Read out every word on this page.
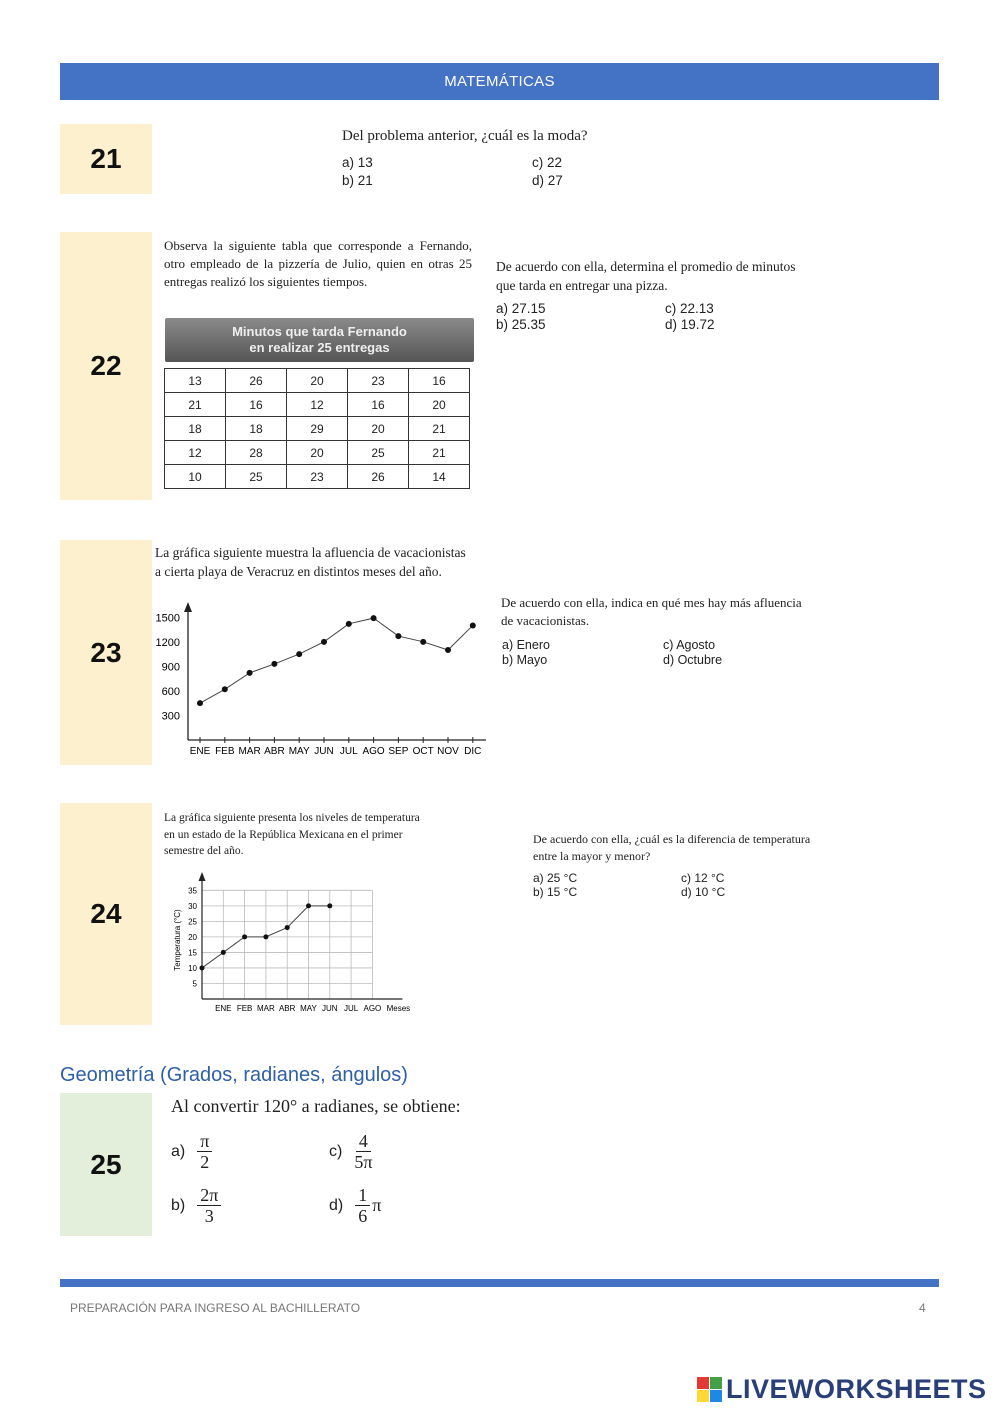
MATEMÁTICAS
21
Del problema anterior, ¿cuál es la moda?
a) 13	c) 22
b) 21	d) 27
22
Observa la siguiente tabla que corresponde a Fernando, otro empleado de la pizzería de Julio, quien en otras 25 entregas realizó los siguientes tiempos.
Minutos que tarda Fernando
en realizar 25 entregas
13	26	20	23	16
21	16	12	16	20
18	18	29	20	21
12	28	20	25	21
10	25	23	26	14
De acuerdo con ella, determina el promedio de minutos que tarda en entregar una pizza.
a) 27.15	c) 22.13
b) 25.35	d) 19.72
23
La gráfica siguiente muestra la afluencia de vacacionistas a cierta playa de Veracruz en distintos meses del año.
1500
1200
900
600
300
ENE FEB MAR ABR MAY JUN JUL AGO SEP OCT NOV DIC
De acuerdo con ella, indica en qué mes hay más afluencia de vacacionistas.
a) Enero	c) Agosto
b) Mayo	d) Octubre
24
La gráfica siguiente presenta los niveles de temperatura en un estado de la República Mexicana en el primer semestre del año.
35
30
25
20
15
10
5
ENE FEB MAR ABR MAY JUN JUL AGO Meses
Temperatura (°C)
De acuerdo con ella, ¿cuál es la diferencia de temperatura entre la mayor y menor?
a) 25 °C	c) 12 °C
b) 15 °C	d) 10 °C
Geometría (Grados, radianes, ángulos)
25
Al convertir 120° a radianes, se obtiene:
$a) \frac{\pi}{2}$	$c) \frac{4}{5\pi}$
$b) \frac{2\pi}{3}$	$d) \frac{1}{6}$ π
PREPARACIÓN PARA INGRESO AL BACHILLERATO	4
LIVEWORKSHEETS
